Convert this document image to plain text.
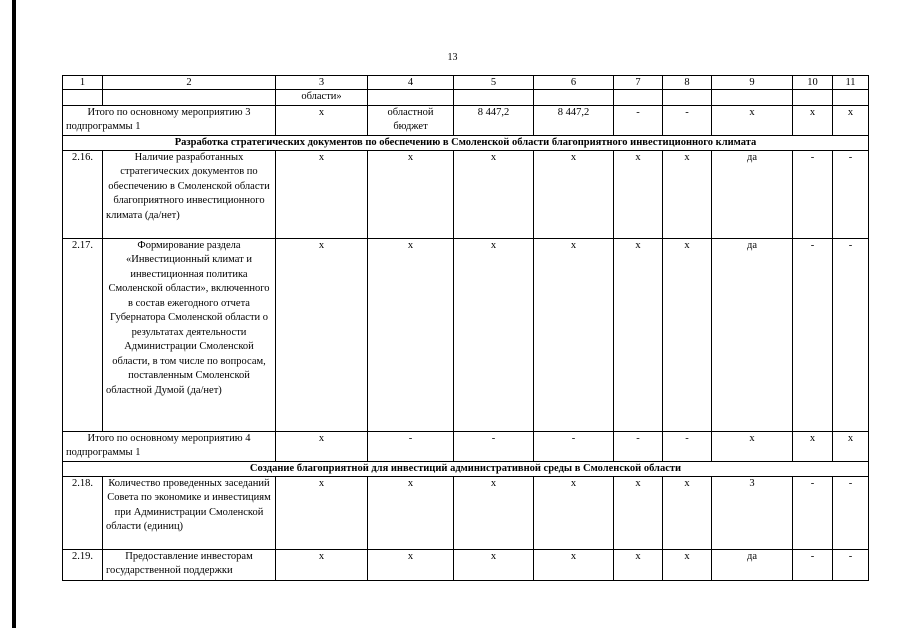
13
1	2	3	4	5	6	7	8	9	10	11
		области»								
Итого по основному мероприятию 3 подпрограммы 1		х	областной бюджет	8 447,2	8 447,2	-	-	х	х	х
Разработка стратегических документов по обеспечению в Смоленской области благоприятного инвестиционного климата										
2.16.	Наличие разработанных стратегических документов по обеспечению в Смоленской области благоприятного инвестиционного климата (да/нет)	х	х	х	х	х	х	да	-	-
2.17.	Формирование раздела «Инвестиционный климат и инвестиционная политика Смоленской области», включенного в состав ежегодного отчета Губернатора Смоленской области о результатах деятельности Администрации Смоленской области, в том числе по вопросам, поставленным Смоленской областной Думой (да/нет)	х	х	х	х	х	х	да	-	-
Итого по основному мероприятию 4 подпрограммы 1		х	-	-	-	-	-	х	х	х
Создание благоприятной для инвестиций административной среды в Смоленской области										
2.18.	Количество проведенных заседаний Совета по экономике и инвестициям при Администрации Смоленской области (единиц)	х	х	х	х	х	х	3	-	-
2.19.	Предоставление инвесторам государственной поддержки	х	х	х	х	х	х	да	-	-
